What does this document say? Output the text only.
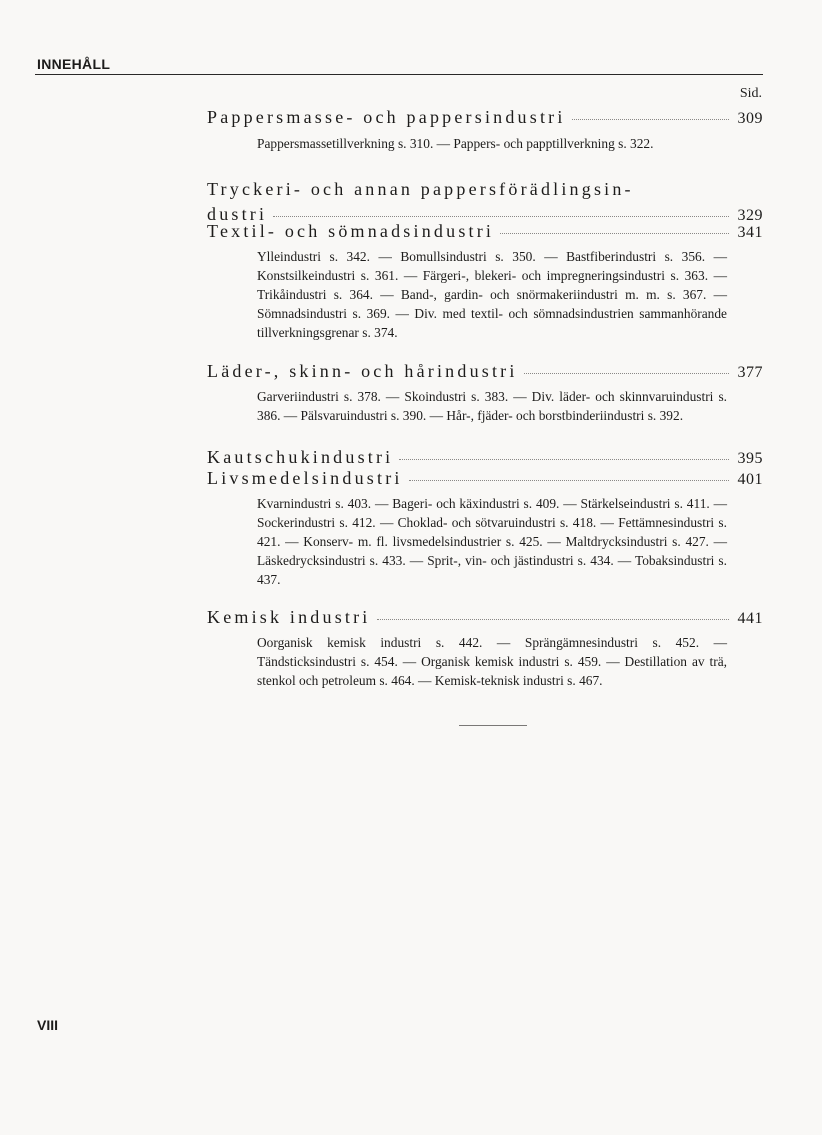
INNEHÅLL
Sid.
Pappersmasse- och pappersindustri	309
Pappersmassetillverkning s. 310. — Pappers- och papptillverkning s. 322.
Tryckeri- och annan pappersförädlingsin-
dustri	329
Textil- och sömnadsindustri	341
Ylleindustri s. 342. — Bomullsindustri s. 350. — Bastfiberindustri s. 356. — Konstsilkeindustri s. 361. — Färgeri-, blekeri- och impregneringsindustri s. 363. — Trikåindustri s. 364. — Band-, gardin- och snörmakeriindustri m. m. s. 367. — Sömnadsindustri s. 369. — Div. med textil- och sömnadsindustrien sammanhörande tillverkningsgrenar s. 374.
Läder-, skinn- och hårindustri	377
Garveriindustri s. 378. — Skoindustri s. 383. — Div. läder- och skinnvaruindustri s. 386. — Pälsvaruindustri s. 390. — Hår-, fjäder- och borstbinderiindustri s. 392.
Kautschukindustri	395
Livsmedelsindustri	401
Kvarnindustri s. 403. — Bageri- och käxindustri s. 409. — Stärkelseindustri s. 411. — Sockerindustri s. 412. — Choklad- och sötvaruindustri s. 418. — Fettämnesindustri s. 421. — Konserv- m. fl. livsmedelsindustrier s. 425. — Maltdrycksindustri s. 427. — Läskedrycksindustri s. 433. — Sprit-, vin- och jästindustri s. 434. — Tobaksindustri s. 437.
Kemisk industri	441
Oorganisk kemisk industri s. 442. — Sprängämnesindustri s. 452. — Tändsticksindustri s. 454. — Organisk kemisk industri s. 459. — Destillation av trä, stenkol och petroleum s. 464. — Kemisk-teknisk industri s. 467.
VIII
